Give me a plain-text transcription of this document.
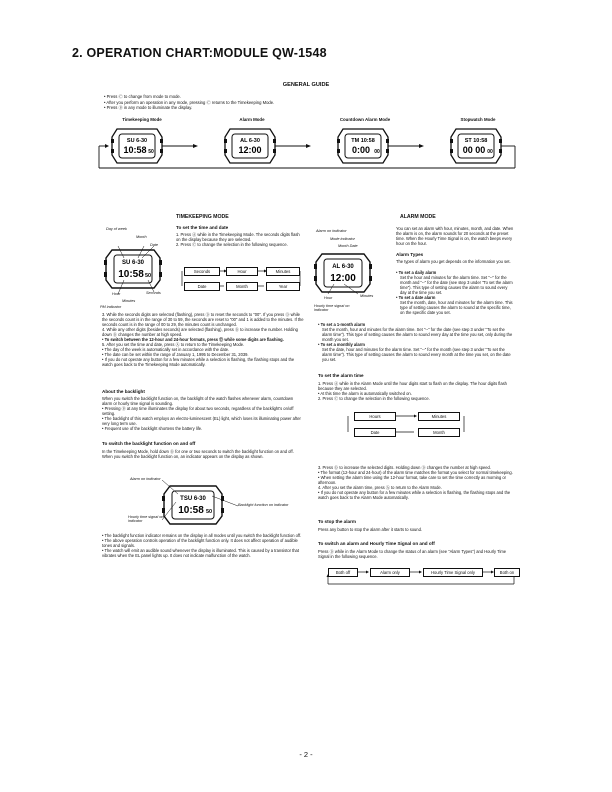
2. OPERATION CHART:MODULE QW-1548
GENERAL GUIDE
• Press Ⓒ to change from mode to mode.
• After you perform an operation in any mode, pressing Ⓒ returns to the Timekeeping Mode.
• Press Ⓑ in any mode to illuminate the display.
Timekeeping Mode	Alarm Mode	Countdown Alarm Mode	Stopwatch Mode
SU 6-30
10:58 50
AL 6-30
12:00
TM 10:58
0:00 00
ST 10:58
00 00 00
TIMEKEEPING MODE
Day of week
Month
Date
SU 6-30
10:58 50
Hour	Seconds
Minutes
PM indicator
To set the time and date
1. Press Ⓐ while in the Timekeeping Mode. The seconds digits flash on the display because they are selected.
2. Press Ⓒ to change the selection in the following sequence.
Seconds	Hour	Minutes
Date	Month	Year
3. While the seconds digits are selected (flashing), press Ⓓ to reset the seconds to "00". If you press Ⓓ while the seconds count is in the range of 30 to 59, the seconds are reset to "00" and 1 is added to the minutes. If the seconds count is in the range of 00 to 29, the minutes count is unchanged.
4. While any other digits (besides seconds) are selected (flashing), press Ⓓ to increase the number. Holding down Ⓓ changes the number at high speed.
• To switch between the 12-hour and 24-hour formats, press Ⓓ while some digits are flashing.
5. After you set the time and date, press Ⓐ to return to the Timekeeping Mode.
• The day of the week is automatically set in accordance with the date.
• The date can be set within the range of January 1, 1995 to December 31, 2039.
• If you do not operate any button for a few minutes while a selection is flashing, the flashing stops and the watch goes back to the Timekeeping Mode automatically.
About the backlight
When you switch the backlight function on, the backlight of the watch flashes whenever alarm, countdown alarm or hourly time signal is sounding.
• Pressing Ⓑ at any time illuminates the display for about two seconds, regardless of the backlight's on/off setting.
• The backlight of this watch employs an electro-luminescent (EL) light, which loses its illuminating power after very long term use.
• Frequent use of the backlight shortens the battery life.
To switch the backlight function on and off
In the Timekeeping Mode, hold down Ⓓ for one or two seconds to switch the backlight function on and off. When you switch the backlight function on, an indicator appears on the display as shown.
Alarm on indicator
TSU 6-30
10:58 50
Backlight function on indicator
Hourly time signal on indicator
• The backlight function indicator remains on the display in all modes until you switch the backlight function off.
• The above operation controls operation of the backlight function only. It does not affect operation of audible tones and signals.
• The watch will emit an audible sound whenever the display is illuminated. This is caused by a transistor that vibrates when the EL panel lights up. It does not indicate malfunction of the watch.
ALARM MODE
Alarm on indicator
Mode indicator
Month Date
AL 6-30
12:00
Hour	Minutes
Hourly time signal on indicator
You can set an alarm with hour, minutes, month, and date. When the alarm is on, the alarm sounds for 20 seconds at the preset time. When the Hourly Time Signal is on, the watch beeps every hour on the hour.
Alarm Types
The types of alarm you get depends on the information you set.
• To set a daily alarm
Set the hour and minutes for the alarm time. Set "--" for the month and "--" for the date (see step 3 under "To set the alarm time"). This type of setting causes the alarm to sound every day at the time you set.
• To set a date alarm
Set the month, date, hour and minutes for the alarm time. This type of setting causes the alarm to sound at the specific time, on the specific date you set.
• To set a 1-month alarm
Set the month, hour and minutes for the alarm time. Set "--" for the date (see step 3 under "To set the alarm time"). This type of setting causes the alarm to sound every day at the time you set, only during the month you set.
• To set a monthly alarm
Set the date, hour and minutes for the alarm time. Set "--" for the month (see step 3 under "To set the alarm time"). This type of setting causes the alarm to sound every month at the time you set, on the date you set.
To set the alarm time
1. Press Ⓐ while in the Alarm Mode until the hour digits start to flash on the display. The hour digits flash because they are selected.
• At this time the alarm is automatically switched on.
2. Press Ⓒ to change the selection in the following sequence.
Hours	Minutes
Date	Month
3. Press Ⓓ to increase the selected digits. Holding down Ⓓ changes the number at high speed.
• The format (12-hour and 24-hour) of the alarm time matches the format you select for normal timekeeping.
• When setting the alarm time using the 12-hour format, take care to set the time correctly as morning or afternoon.
4. After you set the alarm time, press Ⓐ to return to the Alarm Mode.
• If you do not operate any button for a few minutes while a selection is flashing, the flashing stops and the watch goes back to the Alarm Mode automatically.
To stop the alarm
Press any button to stop the alarm after it starts to sound.
To switch an alarm and Hourly Time Signal on and off
Press Ⓓ while in the Alarm Mode to change the status of an alarm (see "Alarm Types") and Hourly Time Signal in the following sequence.
Both off	Alarm only	Hourly Time Signal only	Both on
- 2 -
